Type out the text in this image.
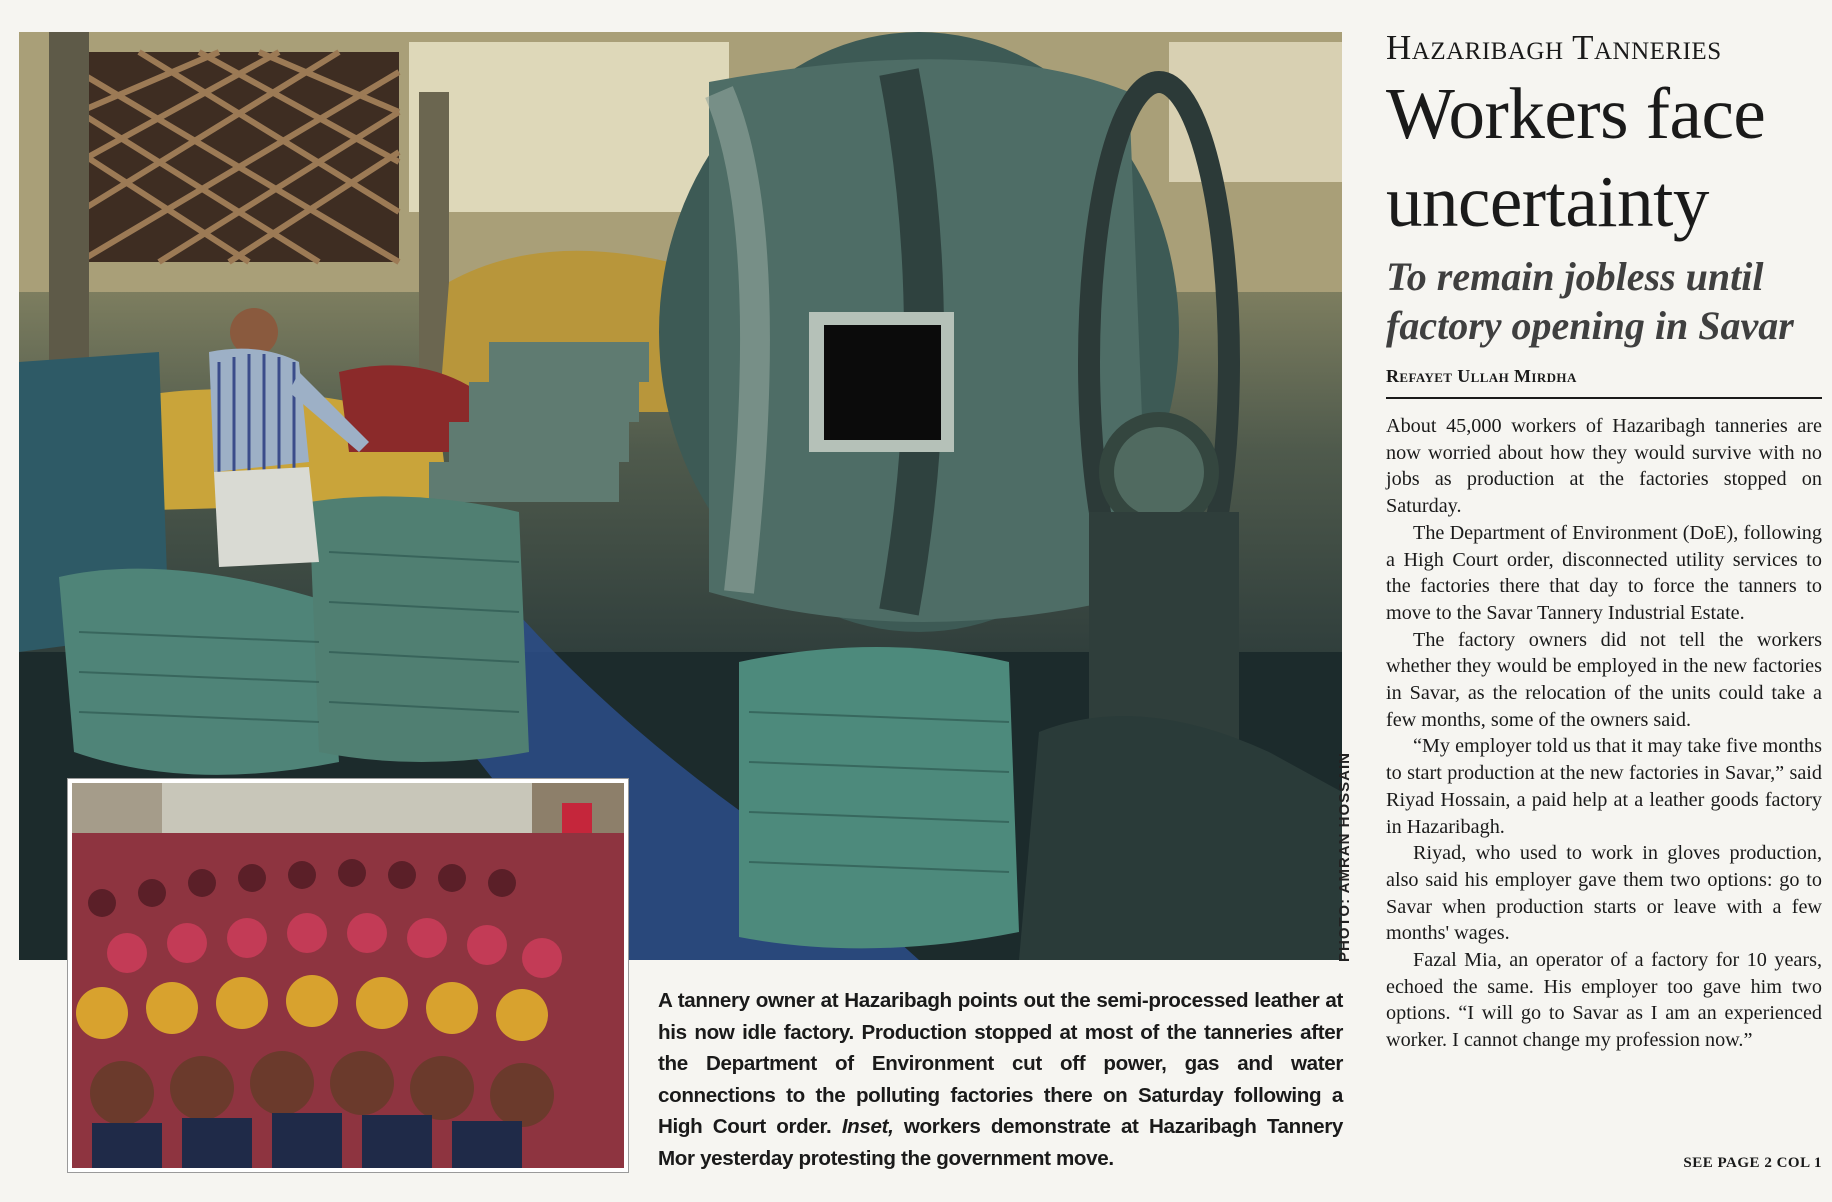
PHOTO: AMRAN HOSSAIN
A tannery owner at Hazaribagh points out the semi-processed leather at his now idle factory. Production stopped at most of the tanneries after the Department of Environment cut off power, gas and water connections to the polluting factories there on Saturday following a High Court order. Inset, workers demonstrate at Hazaribagh Tannery Mor yesterday protesting the government move.
Hazaribagh Tanneries
Workers face
uncertainty
To remain jobless until
factory opening in Savar
Refayet Ullah Mirdha

About 45,000 workers of Hazaribagh tanneries are now worried about how they would survive with no jobs as production at the factories stopped on Saturday.

The Department of Environment (DoE), following a High Court order, disconnected utility services to the factories there that day to force the tanners to move to the Savar Tannery Industrial Estate.

The factory owners did not tell the workers whether they would be employed in the new factories in Savar, as the relocation of the units could take a few months, some of the owners said.

“My employer told us that it may take five months to start production at the new factories in Savar,” said Riyad Hossain, a paid help at a leather goods factory in Hazaribagh.

Riyad, who used to work in gloves production, also said his employer gave them two options: go to Savar when production starts or leave with a few months' wages.

Fazal Mia, an operator of a factory for 10 years, echoed the same. His employer too gave him two options. “I will go to Savar as I am an experienced worker. I cannot change my profession now.”

SEE PAGE 2 COL 1
